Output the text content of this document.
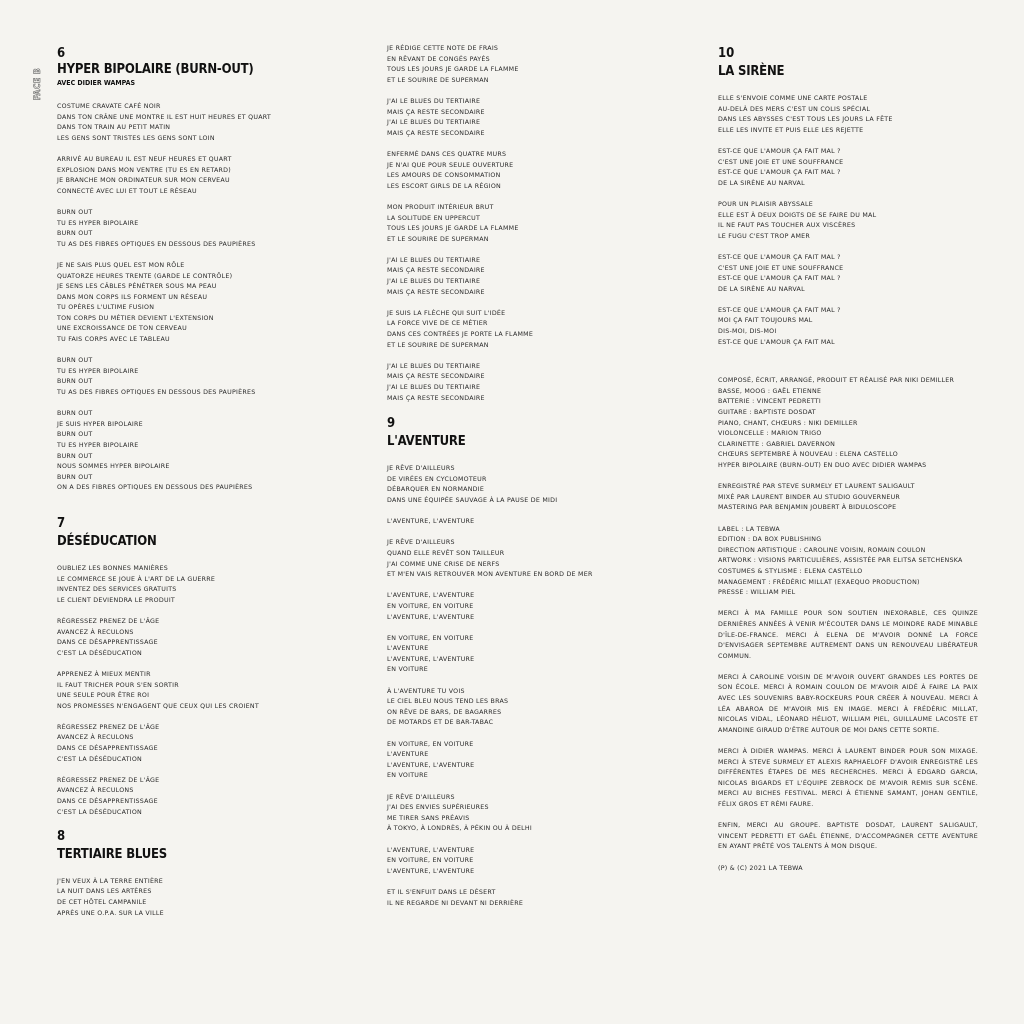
FACE B
6
HYPER BIPOLAIRE (BURN-OUT)
AVEC DIDIER WAMPAS
COSTUME CRAVATE CAFÉ NOIR
DANS TON CRÂNE UNE MONTRE IL EST HUIT HEURES ET QUART
DANS TON TRAIN AU PETIT MATIN
LES GENS SONT TRISTES LES GENS SONT LOIN
ARRIVÉ AU BUREAU IL EST NEUF HEURES ET QUART
EXPLOSION DANS MON VENTRE (TU ES EN RETARD)
JE BRANCHE MON ORDINATEUR SUR MON CERVEAU
CONNECTÉ AVEC LUI ET TOUT LE RÉSEAU
BURN OUT
TU ES HYPER BIPOLAIRE
BURN OUT
TU AS DES FIBRES OPTIQUES EN DESSOUS DES PAUPIÈRES
JE NE SAIS PLUS QUEL EST MON RÔLE
QUATORZE HEURES TRENTE (GARDE LE CONTRÔLE)
JE SENS LES CÂBLES PÉNÉTRER SOUS MA PEAU
DANS MON CORPS ILS FORMENT UN RÉSEAU
TU OPÈRES L'ULTIME FUSION
TON CORPS DU MÉTIER DEVIENT L'EXTENSION
UNE EXCROISSANCE DE TON CERVEAU
TU FAIS CORPS AVEC LE TABLEAU
BURN OUT
TU ES HYPER BIPOLAIRE
BURN OUT
TU AS DES FIBRES OPTIQUES EN DESSOUS DES PAUPIÈRES
BURN OUT
JE SUIS HYPER BIPOLAIRE
BURN OUT
TU ES HYPER BIPOLAIRE
BURN OUT
NOUS SOMMES HYPER BIPOLAIRE
BURN OUT
ON A DES FIBRES OPTIQUES EN DESSOUS DES PAUPIÈRES
7
DÉSÉDUCATION
OUBLIEZ LES BONNES MANIÈRES
LE COMMERCE SE JOUE À L'ART DE LA GUERRE
INVENTEZ DES SERVICES GRATUITS
LE CLIENT DEVIENDRA LE PRODUIT
RÉGRESSEZ PRENEZ DE L'ÂGE
AVANCEZ À RECULONS
DANS CE DÉSAPPRENTISSAGE
C'EST LA DÉSÉDUCATION
APPRENEZ À MIEUX MENTIR
IL FAUT TRICHER POUR S'EN SORTIR
UNE SEULE POUR ÊTRE ROI
NOS PROMESSES N'ENGAGENT QUE CEUX QUI LES CROIENT
RÉGRESSEZ PRENEZ DE L'ÂGE
AVANCEZ À RECULONS
DANS CE DÉSAPPRENTISSAGE
C'EST LA DÉSÉDUCATION
RÉGRESSEZ PRENEZ DE L'ÂGE
AVANCEZ À RECULONS
DANS CE DÉSAPPRENTISSAGE
C'EST LA DÉSÉDUCATION
8
TERTIAIRE BLUES
J'EN VEUX À LA TERRE ENTIÈRE
LA NUIT DANS LES ARTÈRES
DE CET HÔTEL CAMPANILE
APRÈS UNE O.P.A. SUR LA VILLE
JE RÉDIGE CETTE NOTE DE FRAIS
EN RÊVANT DE CONGÉS PAYÉS
TOUS LES JOURS JE GARDE LA FLAMME
ET LE SOURIRE DE SUPERMAN
J'AI LE BLUES DU TERTIAIRE
MAIS ÇA RESTE SECONDAIRE
J'AI LE BLUES DU TERTIAIRE
MAIS ÇA RESTE SECONDAIRE
ENFERMÉ DANS CES QUATRE MURS
JE N'AI QUE POUR SEULE OUVERTURE
LES AMOURS DE CONSOMMATION
LES ESCORT GIRLS DE LA RÉGION
MON PRODUIT INTÉRIEUR BRUT
LA SOLITUDE EN UPPERCUT
TOUS LES JOURS JE GARDE LA FLAMME
ET LE SOURIRE DE SUPERMAN
J'AI LE BLUES DU TERTIAIRE
MAIS ÇA RESTE SECONDAIRE
J'AI LE BLUES DU TERTIAIRE
MAIS ÇA RESTE SECONDAIRE
JE SUIS LA FLÈCHE QUI SUIT L'IDÉE
LA FORCE VIVE DE CE MÉTIER
DANS CES CONTRÉES JE PORTE LA FLAMME
ET LE SOURIRE DE SUPERMAN
J'AI LE BLUES DU TERTIAIRE
MAIS ÇA RESTE SECONDAIRE
J'AI LE BLUES DU TERTIAIRE
MAIS ÇA RESTE SECONDAIRE
9
L'AVENTURE
JE RÊVE D'AILLEURS
DE VIRÉES EN CYCLOMOTEUR
DÉBARQUER EN NORMANDIE
DANS UNE ÉQUIPÉE SAUVAGE À LA PAUSE DE MIDI
L'AVENTURE, L'AVENTURE
JE RÊVE D'AILLEURS
QUAND ELLE REVÊT SON TAILLEUR
J'AI COMME UNE CRISE DE NERFS
ET M'EN VAIS RETROUVER MON AVENTURE EN BORD DE MER
L'AVENTURE, L'AVENTURE
EN VOITURE, EN VOITURE
L'AVENTURE, L'AVENTURE
EN VOITURE, EN VOITURE
L'AVENTURE
L'AVENTURE, L'AVENTURE
EN VOITURE
À L'AVENTURE TU VOIS
LE CIEL BLEU NOUS TEND LES BRAS
ON RÊVE DE BARS, DE BAGARRES
DE MOTARDS ET DE BAR-TABAC
EN VOITURE, EN VOITURE
L'AVENTURE
L'AVENTURE, L'AVENTURE
EN VOITURE
JE RÊVE D'AILLEURS
J'AI DES ENVIES SUPÉRIEURES
ME TIRER SANS PRÉAVIS
À TOKYO, À LONDRÈS, À PÉKIN OU À DELHI
L'AVENTURE, L'AVENTURE
EN VOITURE, EN VOITURE
L'AVENTURE, L'AVENTURE
ET IL S'ENFUIT DANS LE DÉSERT
IL NE REGARDE NI DEVANT NI DERRIÈRE
10
LA SIRÈNE
ELLE S'ENVOIE COMME UNE CARTE POSTALE
AU-DELÀ DES MERS C'EST UN COLIS SPÉCIAL
DANS LES ABYSSES C'EST TOUS LES JOURS LA FÊTE
ELLE LES INVITE ET PUIS ELLE LES REJETTE
EST-CE QUE L'AMOUR ÇA FAIT MAL ?
C'EST UNE JOIE ET UNE SOUFFRANCE
EST-CE QUE L'AMOUR ÇA FAIT MAL ?
DE LA SIRÈNE AU NARVAL
POUR UN PLAISIR ABYSSALE
ELLE EST À DEUX DOIGTS DE SE FAIRE DU MAL
IL NE FAUT PAS TOUCHER AUX VISCÈRES
LE FUGU C'EST TROP AMER
EST-CE QUE L'AMOUR ÇA FAIT MAL ?
C'EST UNE JOIE ET UNE SOUFFRANCE
EST-CE QUE L'AMOUR ÇA FAIT MAL ?
DE LA SIRÈNE AU NARVAL
EST-CE QUE L'AMOUR ÇA FAIT MAL ?
MOI ÇA FAIT TOUJOURS MAL
DIS-MOI, DIS-MOI
EST-CE QUE L'AMOUR ÇA FAIT MAL
COMPOSÉ, ÉCRIT, ARRANGÉ, PRODUIT ET RÉALISÉ PAR NIKI DEMILLER
BASSE, MOOG : GAËL ETIENNE
BATTERIE : VINCENT PEDRETTI
GUITARE : BAPTISTE DOSDAT
PIANO, CHANT, CHŒURS : NIKI DEMILLER
VIOLONCELLE : MARION TRIGO
CLARINETTE : GABRIEL DAVERNON
CHŒURS SEPTEMBRE À NOUVEAU : ELENA CASTELLO
HYPER BIPOLAIRE (BURN-OUT) EN DUO AVEC DIDIER WAMPAS
ENREGISTRÉ PAR STEVE SURMELY ET LAURENT SALIGAULT
MIXÉ PAR LAURENT BINDER AU STUDIO GOUVERNEUR
MASTERING PAR BENJAMIN JOUBERT À BIDULOSCOPE
LABEL : LA TEBWA
EDITION : DA BOX PUBLISHING
DIRECTION ARTISTIQUE : CAROLINE VOISIN, ROMAIN COULON
ARTWORK : VISIONS PARTICULIÈRES, ASSISTÉE PAR ELITSA SETCHENSKA
COSTUMES & STYLISME : ELENA CASTELLO
MANAGEMENT : FRÉDÉRIC MILLAT (EXAEQUO PRODUCTION)
PRESSE : WILLIAM PIEL
MERCI À MA FAMILLE POUR SON SOUTIEN INEXORABLE, CES QUINZE DERNIÈRES ANNÉES À VENIR M'ÉCOUTER DANS LE MOINDRE RADE MINABLE D'ÎLE-DE-FRANCE. MERCI À ELENA DE M'AVOIR DONNÉ LA FORCE D'ENVISAGER SEPTEMBRE AUTREMENT DANS UN RENOUVEAU LIBÉRATEUR COMMUN.
MERCI À CAROLINE VOISIN DE M'AVOIR OUVERT GRANDES LES PORTES DE SON ÉCOLE. MERCI À ROMAIN COULON DE M'AVOIR AIDÉ À FAIRE LA PAIX AVEC LES SOUVENIRS BABY-ROCKEURS POUR CRÉER À NOUVEAU. MERCI À LÉA ABAROA DE M'AVOIR MIS EN IMAGE. MERCI À FRÉDÉRIC MILLAT, NICOLAS VIDAL, LÉONARD HÉLIOT, WILLIAM PIEL, GUILLAUME LACOSTE ET AMANDINE GIRAUD D'ÊTRE AUTOUR DE MOI DANS CETTE SORTIE.
MERCI À DIDIER WAMPAS. MERCI À LAURENT BINDER POUR SON MIXAGE. MERCI À STEVE SURMELY ET ALEXIS RAPHAELOFF D'AVOIR ENREGISTRÉ LES DIFFÉRENTES ÉTAPES DE MES RECHERCHES. MERCI À EDGARD GARCIA, NICOLAS BIGARDS ET L'ÉQUIPE ZEBROCK DE M'AVOIR REMIS SUR SCÈNE. MERCI AU BICHES FESTIVAL. MERCI À ÉTIENNE SAMANT, JOHAN GENTILE, FÉLIX GROS ET RÉMI FAURE.
ENFIN, MERCI AU GROUPE. BAPTISTE DOSDAT, LAURENT SALIGAULT, VINCENT PEDRETTI ET GAËL ÉTIENNE, D'ACCOMPAGNER CETTE AVENTURE EN AYANT PRÊTÉ VOS TALENTS À MON DISQUE.
(P) & (C) 2021 LA TEBWA
